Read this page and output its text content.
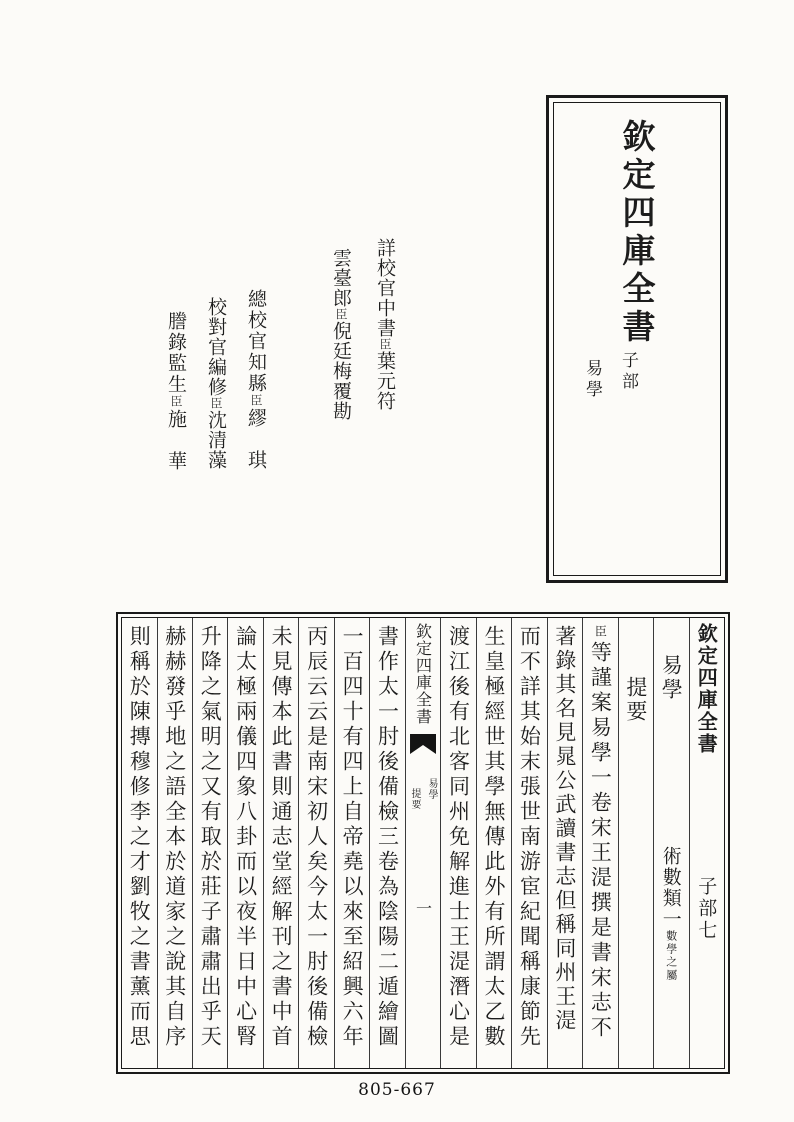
欽定四庫全書
子部
易學
詳校官中書臣葉元符
雲臺郎臣倪廷梅覆勘
總校官知縣臣繆　琪
校對官編修臣沈清藻
謄錄監生臣施　華
欽定四庫全書
子部七
易學
術數類一數學之屬
提要
臣等謹案易學一卷宋王湜撰是書宋志不
著錄其名見晁公武讀書志但稱同州王湜
而不詳其始末張世南游宦紀聞稱康節先
生皇極經世其學無傳此外有所謂太乙數
渡江後有北客同州免解進士王湜潛心是
欽定四庫全書
易學
提要
一
書作太一肘後備檢三卷為陰陽二遁繪圖
一百四十有四上自帝堯以來至紹興六年
丙辰云云是南宋初人矣今太一肘後備檢
未見傳本此書則通志堂經解刊之書中首
論太極兩儀四象八卦而以夜半日中心腎
升降之氣明之又有取於莊子肅肅出乎天
赫赫發乎地之語全本於道家之說其自序
則稱於陳摶穆修李之才劉牧之書薰而思
805-667
